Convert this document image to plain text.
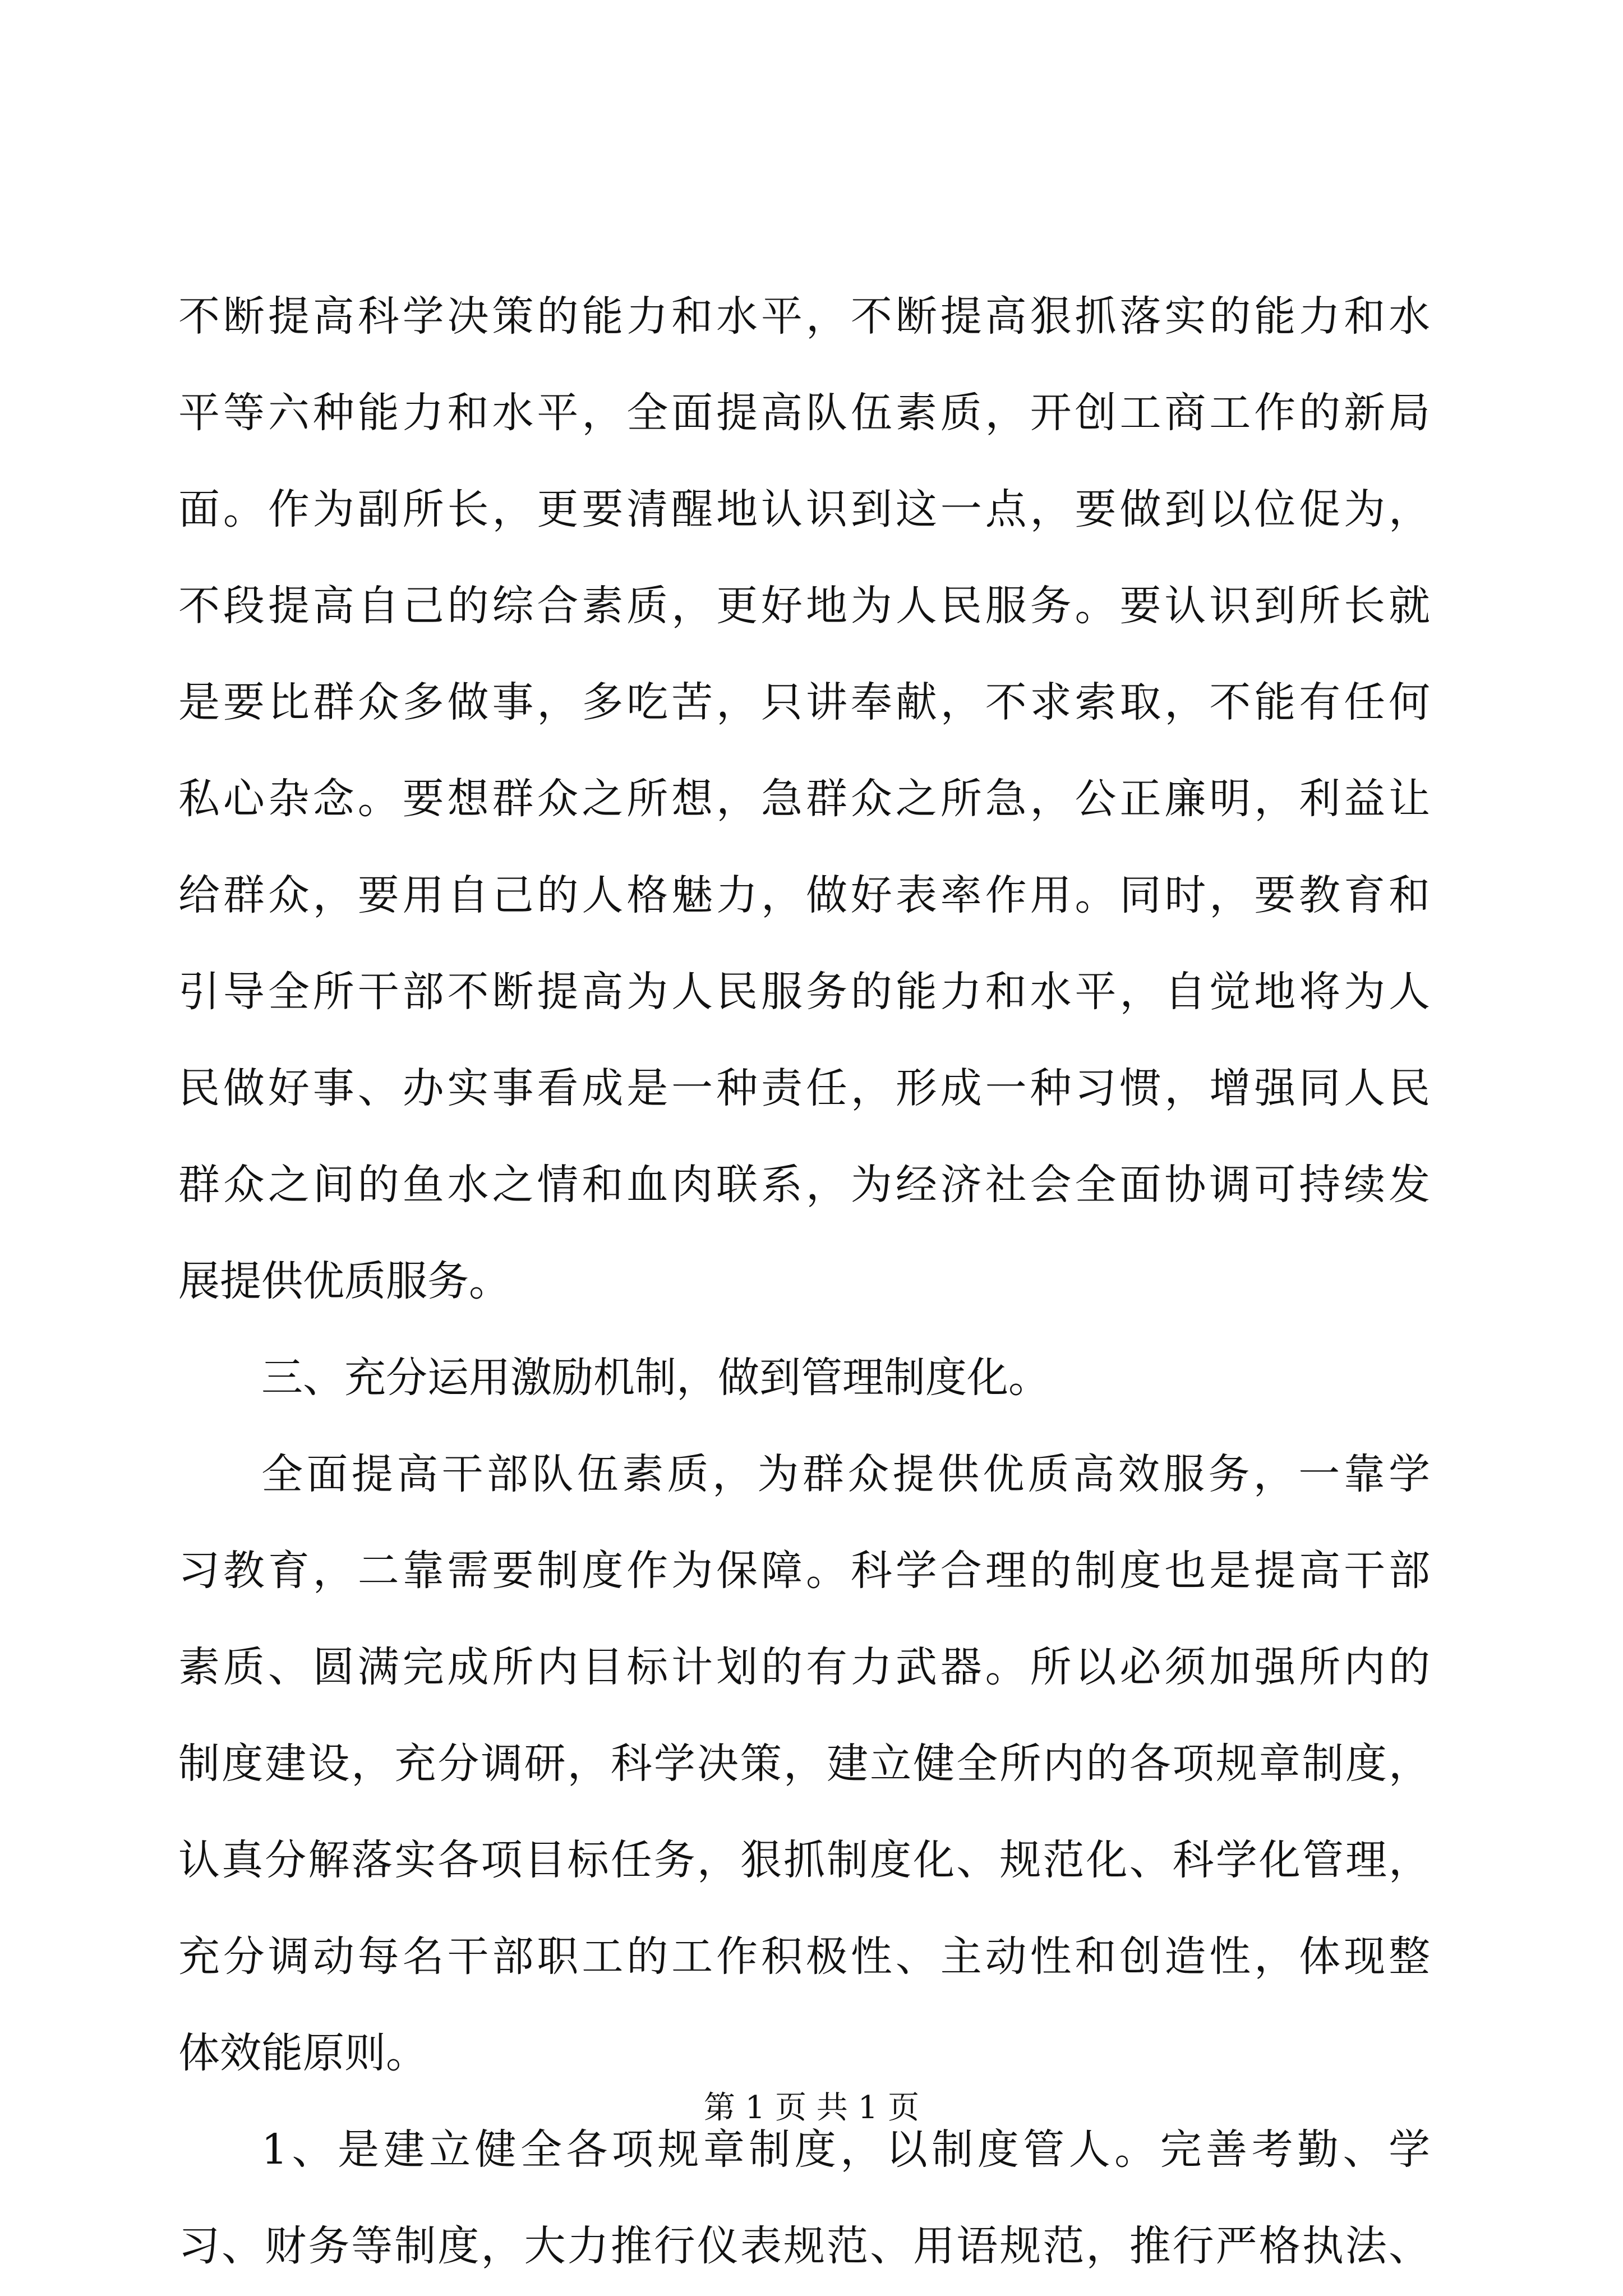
不断提高科学决策的能力和水平，不断提高狠抓落实的能力和水
平等六种能力和水平，全面提高队伍素质，开创工商工作的新局
面。作为副所长，更要清醒地认识到这一点，要做到以位促为，
不段提高自己的综合素质，更好地为人民服务。要认识到所长就
是要比群众多做事，多吃苦，只讲奉献，不求索取，不能有任何
私心杂念。要想群众之所想，急群众之所急，公正廉明，利益让
给群众，要用自己的人格魅力，做好表率作用。同时，要教育和
引导全所干部不断提高为人民服务的能力和水平，自觉地将为人
民做好事、办实事看成是一种责任，形成一种习惯，增强同人民
群众之间的鱼水之情和血肉联系，为经济社会全面协调可持续发
展提供优质服务。
三、充分运用激励机制，做到管理制度化。
全面提高干部队伍素质，为群众提供优质高效服务，一靠学
习教育，二靠需要制度作为保障。科学合理的制度也是提高干部
素质、圆满完成所内目标计划的有力武器。所以必须加强所内的
制度建设，充分调研，科学决策，建立健全所内的各项规章制度，
认真分解落实各项目标任务，狠抓制度化、规范化、科学化管理，
充分调动每名干部职工的工作积极性、主动性和创造性，体现整
体效能原则。
1、是建立健全各项规章制度，以制度管人。完善考勤、学
习、财务等制度，大力推行仪表规范、用语规范，推行严格执法、
第 1 页 共 1 页
